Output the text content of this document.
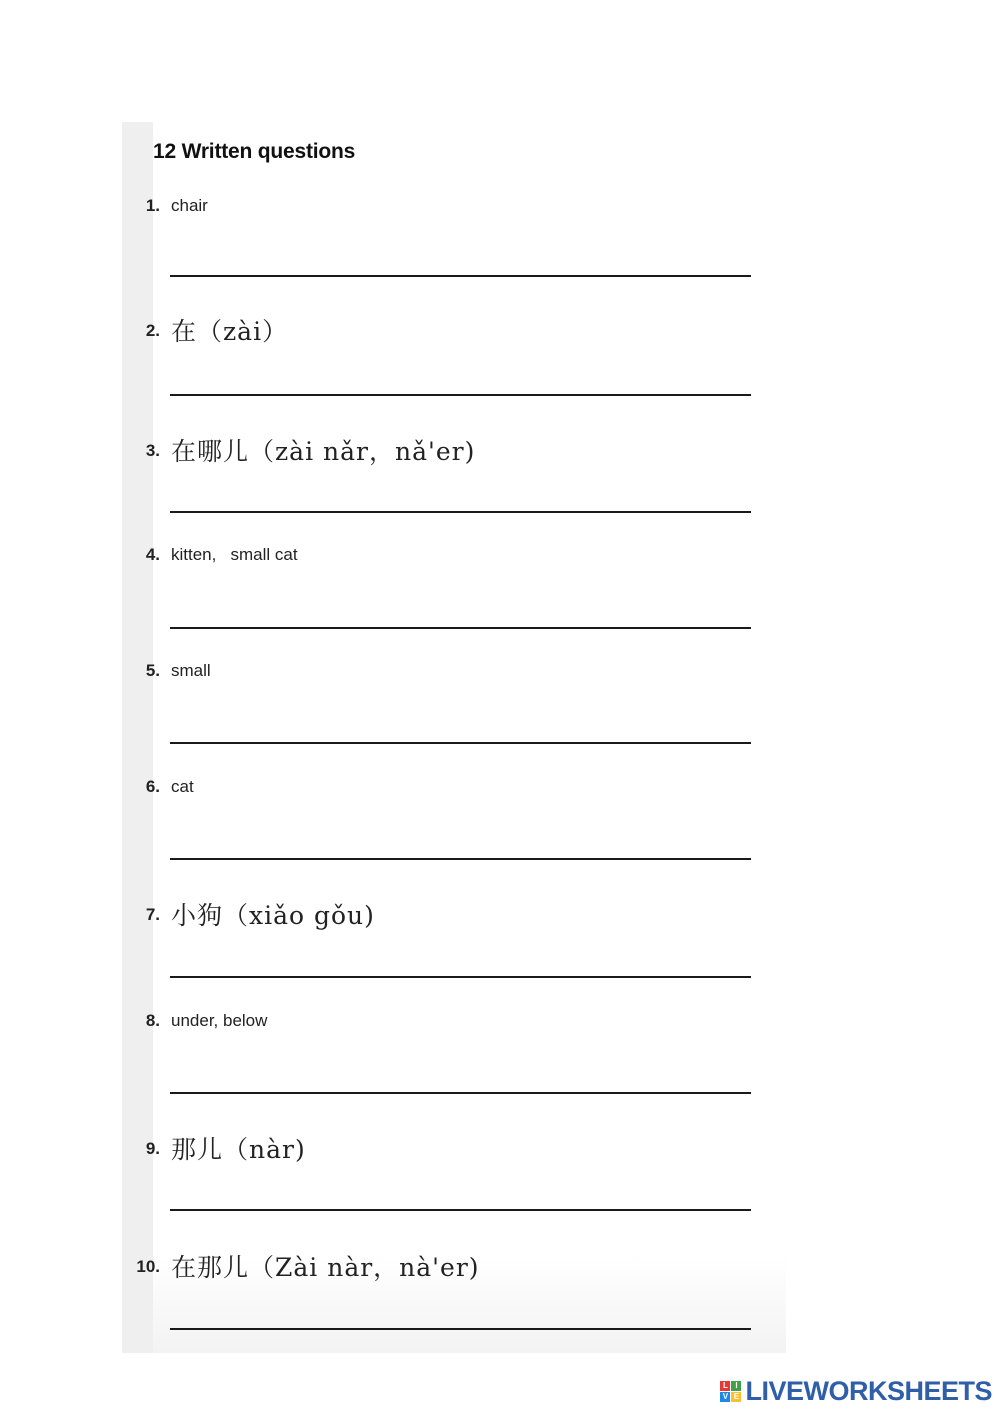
12 Written questions
1. chair
2. 在（zài）
3. 在哪儿（zài nǎr，nǎ'er)
4. kitten,   small cat
5. small
6. cat
7. 小狗（xiǎo gǒu)
8. under, below
9. 那儿（nàr)
10. 在那儿（Zài nàr，nà'er)
L I
V E LIVEWORKSHEETS
